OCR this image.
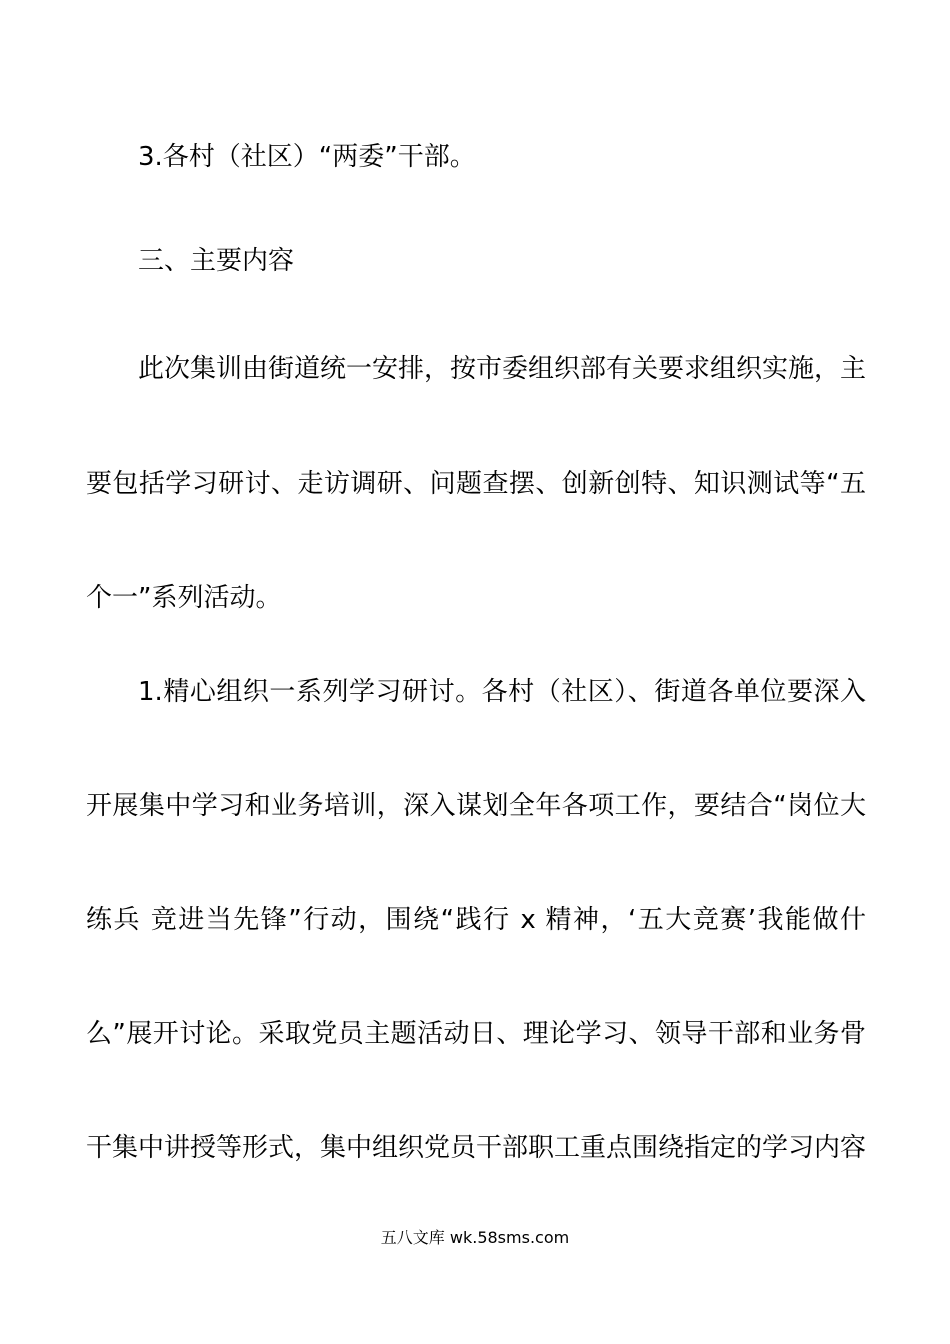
3.各村（社区）“两委”干部。
三、主要内容
此次集训由街道统一安排，按市委组织部有关要求组织实施，主
要包括学习研讨、走访调研、问题查摆、创新创特、知识测试等“五
个一”系列活动。
1.精心组织一系列学习研讨。各村（社区）、街道各单位要深入
开展集中学习和业务培训，深入谋划全年各项工作，要结合“岗位大
练兵 竞进当先锋”行动，围绕“践行 x 精神，‘五大竞赛’我能做什
么”展开讨论。采取党员主题活动日、理论学习、领导干部和业务骨
干集中讲授等形式，集中组织党员干部职工重点围绕指定的学习内容
五八文库 wk.58sms.com
